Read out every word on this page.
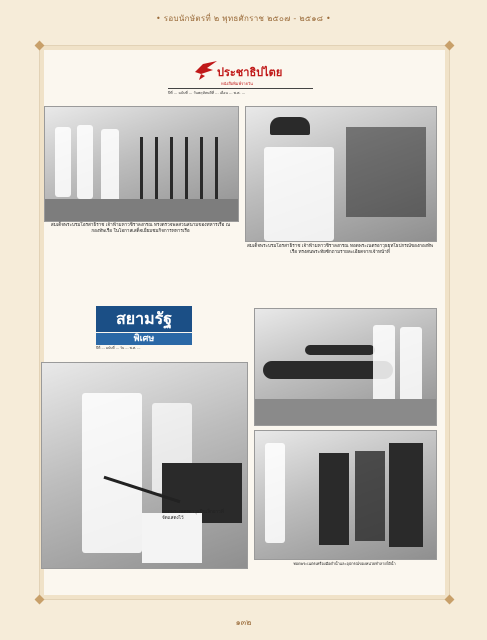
• รอบนักษัตรที่ ๒ พุทธศักราช ๒๕๐๗ - ๒๕๑๘ •
ประชาธิปไตย
หนังสือพิมพ์รายวัน
ปีที่ ... ฉบับที่ ... วันพฤหัสบดีที่ ... เดือน ... พ.ศ. ...
สมเด็จพระบรมโอรสาธิราช เจ้าฟ้ามหาวชิราลงกรณ ทรงตรวจพลสวนสนามของทหารเรือ ณ กองทัพเรือ ในโอกาสเสด็จเยี่ยมชมกิจการทหารเรือ
สมเด็จพระบรมโอรสาธิราช เจ้าฟ้ามหาวชิราลงกรณ ทอดพระเนตรอาวุธยุทโธปกรณ์ของกองทัพเรือ ทรงสนพระทัยซักถามรายละเอียดจากเจ้าหน้าที่
สยามรัฐ
พิเศษ
ปีที่ ... ฉบับที่ ... วัน ... พ.ศ. ...
ทอดพระเนตรอาวุธปืนเล็กยาวที่จัดแสดงไว้
ทอดพระเนตรเครื่องมือดำน้ำและอุปกรณ์ของหน่วยทำลายใต้น้ำ
๑๓๒
